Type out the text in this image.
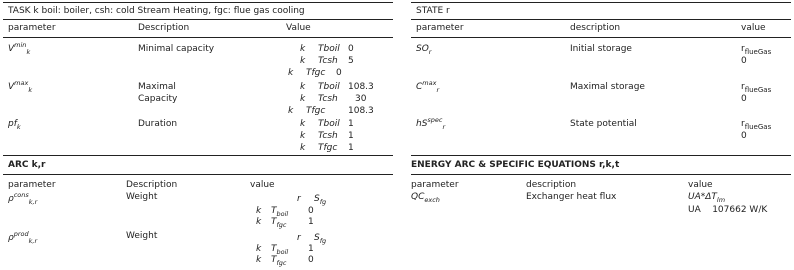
TASK k boil: boiler, csh: cold Stream Heating, fgc: flue gas cooling
parameter	Description	Value
$V^{min}_k$	Minimal capacity	k Tboil 0
k Tcsh 5
k Tfgc 0
$V^{max}_k$	Maximal
Capacity
k Tboil 108.3
k Tcsh 30
k Tfgc	108.3
$pf_k$	Duration	k Tboil 1
k Tcsh 1
k Tfgc 1
STATE r
parameter	description	value
$SO_r$	Initial storage	$r_{flueGas}$
0
$C^{max}_r$	Maximal storage	$r_{flueGas}$
0
$hS^{spec}_r$	State potential	$r_{flueGas}$
0
ARC k,r
parameter	Description	value
$\rho^{cons}_{k,r}$	Weight	r $S_{fg}$
k $T_{boil}$ 0
k $T_{fgc}$ 1
$\rho^{prod}_{k,r}$	Weight	r $S_{fg}$
k $T_{boil}$ 1
k $T_{fgc}$ 0
ENERGY ARC & SPECIFIC EQUATIONS r,k,t
parameter	description	value
$QC_{exch}$	Exchanger heat flux	$UA*\Delta T_{lm}$
UA 107662 W/K
